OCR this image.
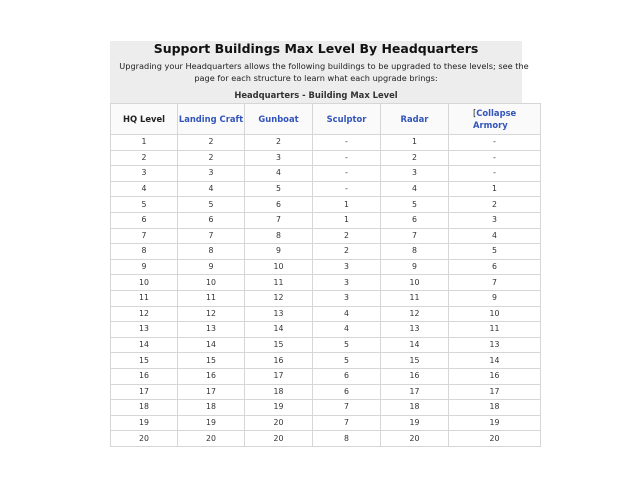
Support Buildings Max Level By Headquarters
Upgrading your Headquarters allows the following buildings to be upgraded to these levels; see the
page for each structure to learn what each upgrade brings:
Headquarters - Building Max Level
HQ Level	Landing Craft	Gunboat	Sculptor	Radar	[Collapse
Armory

1	2	2	-	1	-
2	2	3	-	2	-
3	3	4	-	3	-
4	4	5	-	4	1
5	5	6	1	5	2
6	6	7	1	6	3
7	7	8	2	7	4
8	8	9	2	8	5
9	9	10	3	9	6
10	10	11	3	10	7
11	11	12	3	11	9
12	12	13	4	12	10
13	13	14	4	13	11
14	14	15	5	14	13
15	15	16	5	15	14
16	16	17	6	16	16
17	17	18	6	17	17
18	18	19	7	18	18
19	19	20	7	19	19
20	20	20	8	20	20
